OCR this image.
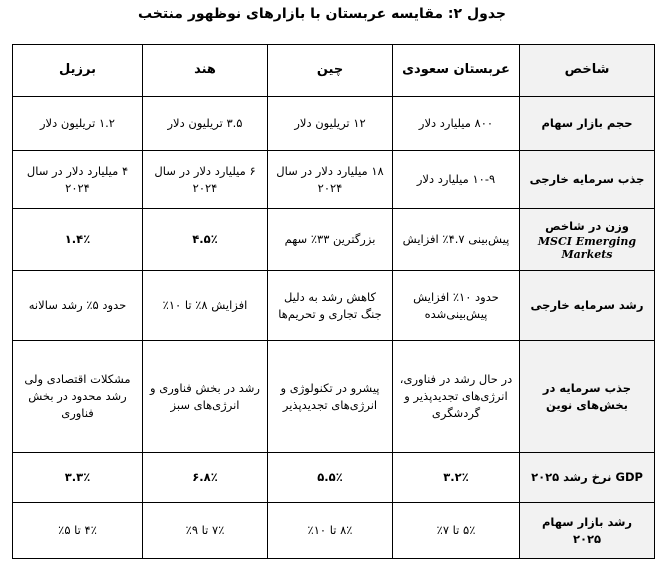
جدول ۲: مقایسه عربستان با بازارهای نوظهور منتخب
شاخص	عربستان سعودی	چین	هند	برزیل
حجم بازار سهام	۸۰۰ میلیارد دلار	۱۲ تریلیون دلار	۳.۵ تریلیون دلار	۱.۲ تریلیون دلار
جذب سرمایه خارجی	۱۰-۹ میلیارد دلار	۱۸ میلیارد دلار در سال ۲۰۲۴	۶ میلیارد دلار در سال ۲۰۲۴	۴ میلیارد دلار در سال ۲۰۲۴

وزن در شاخص
MSCI Emerging Markets	پیش‌بینی ۴.۷٪ افزایش	بزرگترین ۳۳٪ سهم	۴.۵٪	۱.۴٪
رشد سرمایه خارجی	حدود ۱۰٪ افزایش پیش‌بینی‌شده	کاهش رشد به دلیل جنگ تجاری و تحریم‌ها	افزایش ۸٪ تا ۱۰٪	حدود ۵٪ رشد سالانه
جذب سرمایه در بخش‌های نوین	در حال رشد در فناوری، انرژی‌های تجدیدپذیر و گردشگری	پیشرو در تکنولوژی و انرژی‌های تجدیدپذیر	رشد در بخش فناوری و انرژی‌های سبز	مشکلات اقتصادی ولی رشد محدود در بخش فناوری
GDP نرخ رشد ۲۰۲۵	۳.۲٪	۵.۵٪	۶.۸٪	۳.۳٪
رشد بازار سهام ۲۰۲۵	۵٪ تا ۷٪	۸٪ تا ۱۰٪	۷٪ تا ۹٪	۴٪ تا ۵٪
